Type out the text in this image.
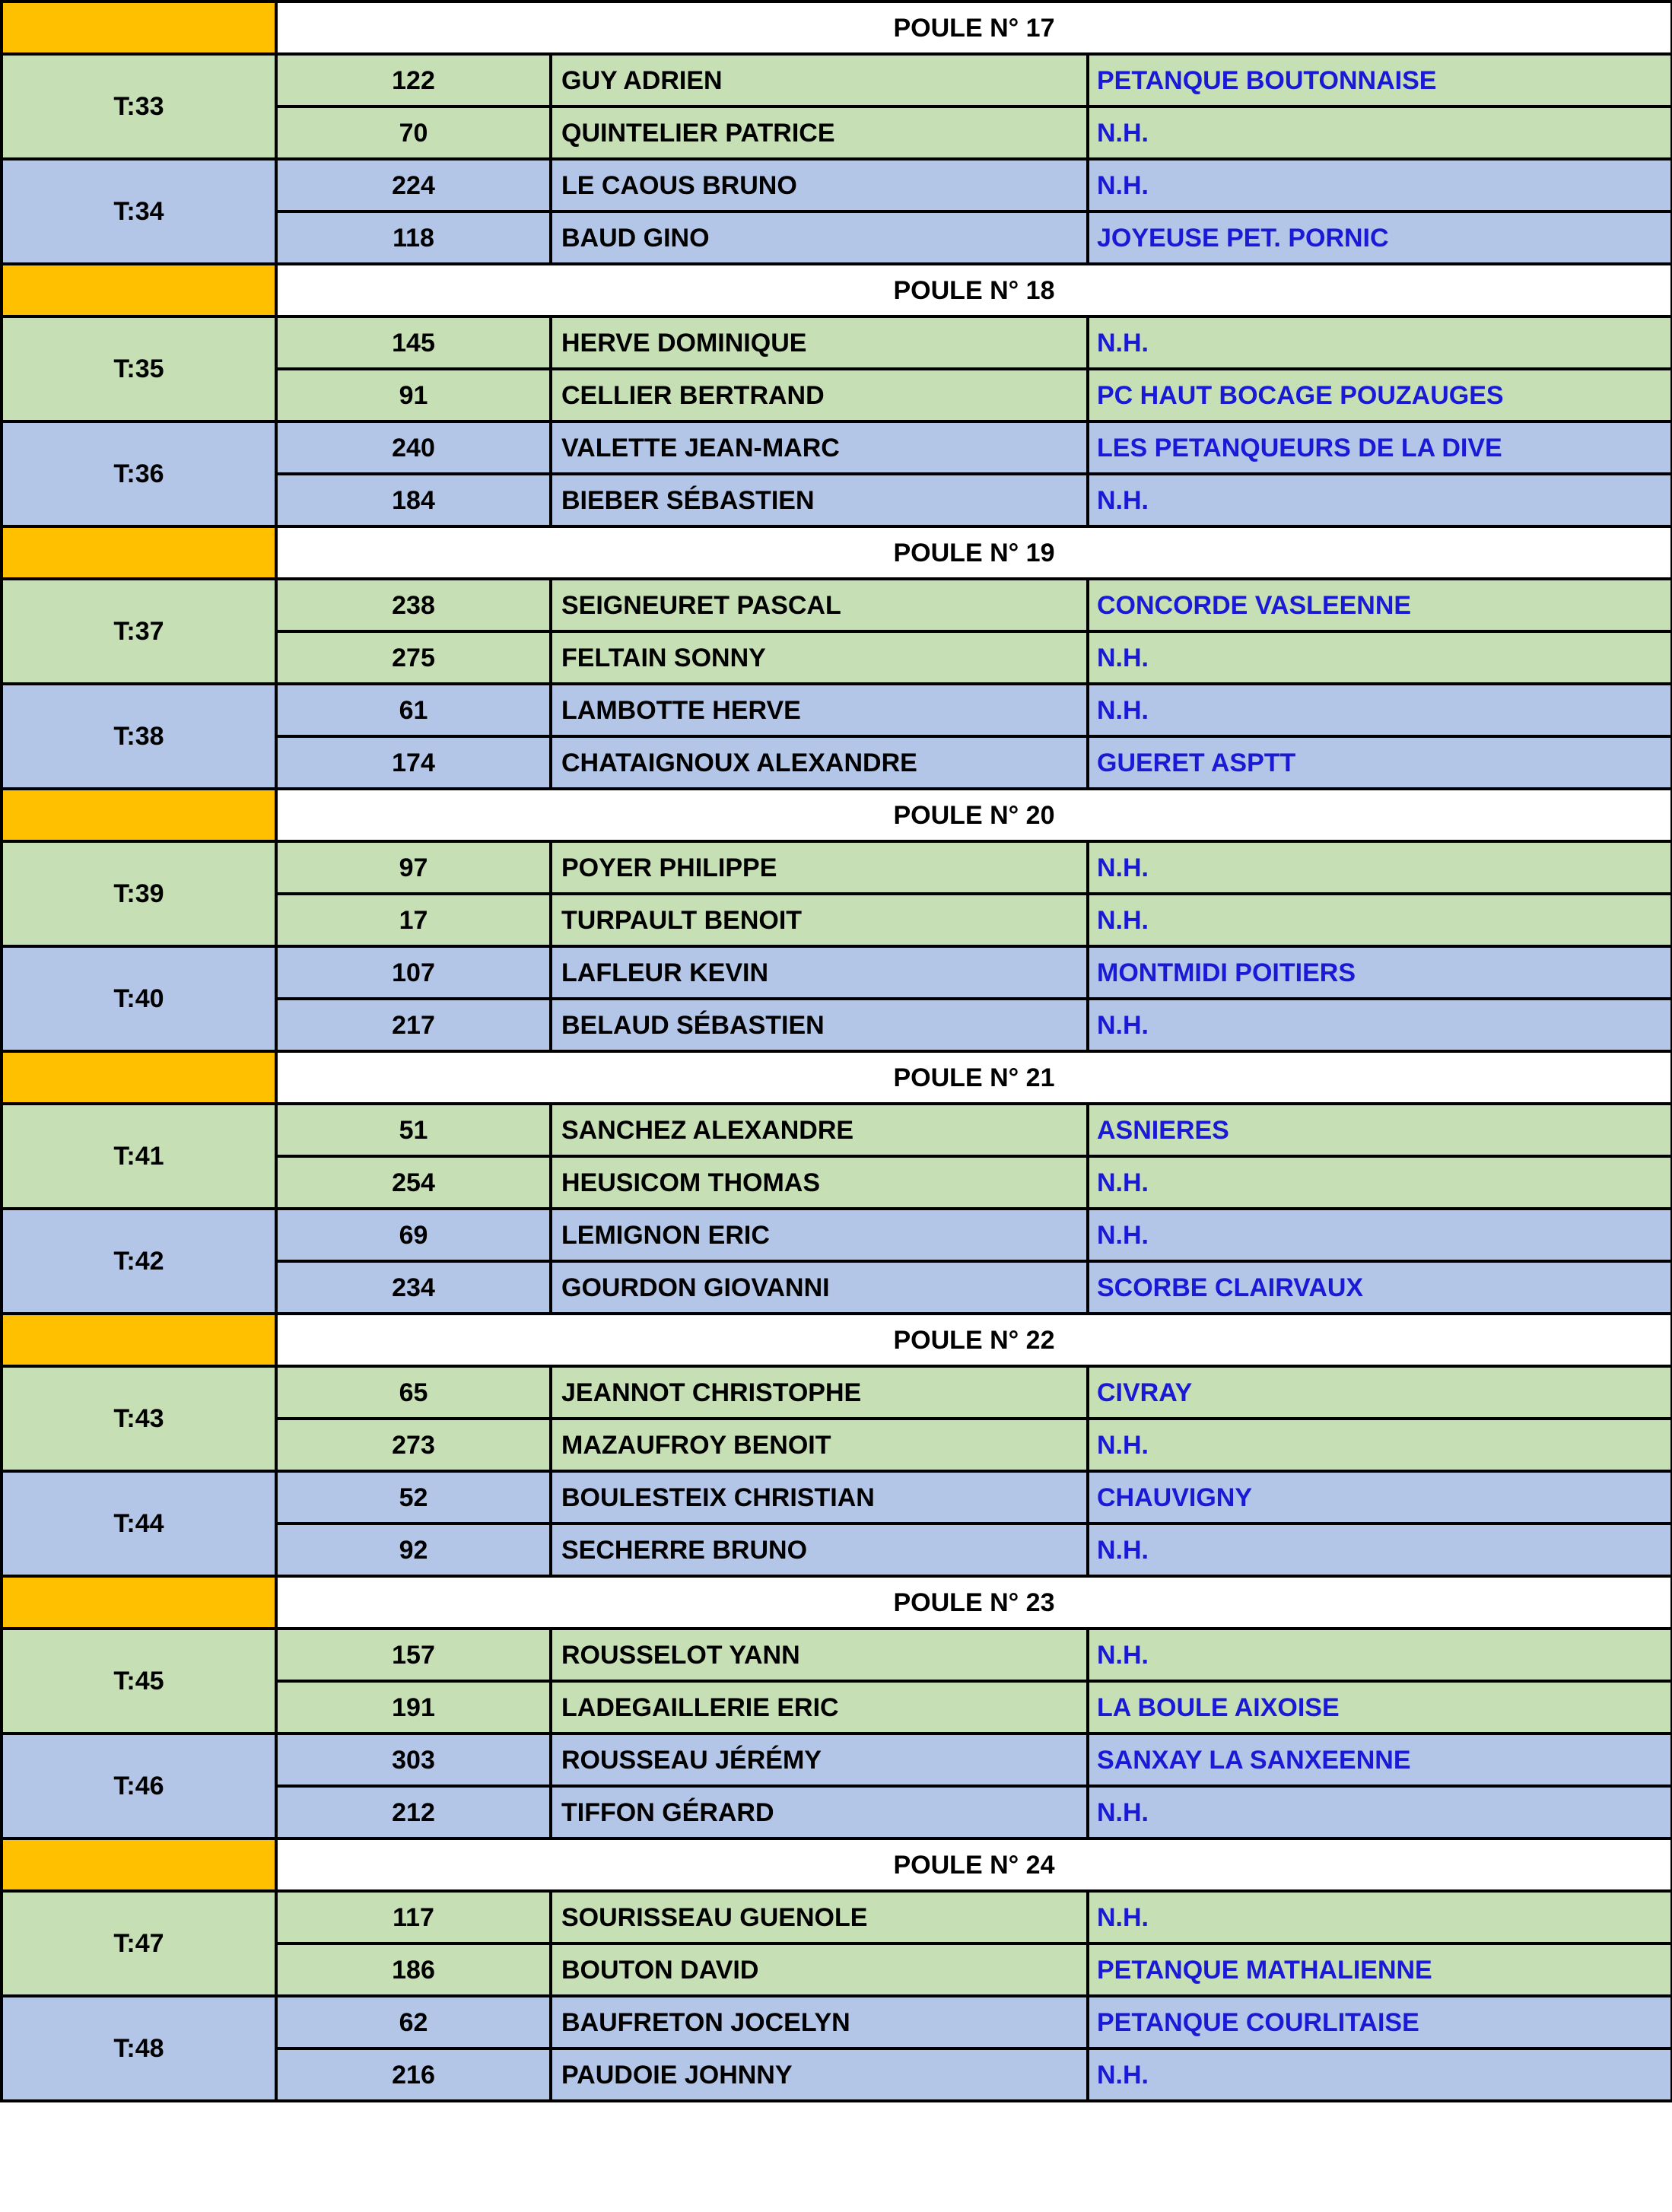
	POULE N° 17		
T:33	122	GUY ADRIEN	PETANQUE BOUTONNAISE
	70	QUINTELIER PATRICE	N.H.
T:34	224	LE CAOUS BRUNO	N.H.
	118	BAUD GINO	JOYEUSE PET. PORNIC
	POULE N° 18		
T:35	145	HERVE DOMINIQUE	N.H.
	91	CELLIER BERTRAND	PC HAUT BOCAGE POUZAUGES
T:36	240	VALETTE JEAN-MARC	LES PETANQUEURS DE LA DIVE
	184	BIEBER SÉBASTIEN	N.H.
	POULE N° 19		
T:37	238	SEIGNEURET PASCAL	CONCORDE VASLEENNE
	275	FELTAIN SONNY	N.H.
T:38	61	LAMBOTTE HERVE	N.H.
	174	CHATAIGNOUX ALEXANDRE	GUERET ASPTT
	POULE N° 20		
T:39	97	POYER PHILIPPE	N.H.
	17	TURPAULT BENOIT	N.H.
T:40	107	LAFLEUR KEVIN	MONTMIDI POITIERS
	217	BELAUD SÉBASTIEN	N.H.
	POULE N° 21		
T:41	51	SANCHEZ ALEXANDRE	ASNIERES
	254	HEUSICOM THOMAS	N.H.
T:42	69	LEMIGNON ERIC	N.H.
	234	GOURDON GIOVANNI	SCORBE CLAIRVAUX
	POULE N° 22		
T:43	65	JEANNOT CHRISTOPHE	CIVRAY
	273	MAZAUFROY BENOIT	N.H.
T:44	52	BOULESTEIX CHRISTIAN	CHAUVIGNY
	92	SECHERRE BRUNO	N.H.
	POULE N° 23		
T:45	157	ROUSSELOT YANN	N.H.
	191	LADEGAILLERIE ERIC	LA BOULE AIXOISE
T:46	303	ROUSSEAU JÉRÉMY	SANXAY LA SANXEENNE
	212	TIFFON GÉRARD	N.H.
	POULE N° 24		
T:47	117	SOURISSEAU GUENOLE	N.H.
	186	BOUTON DAVID	PETANQUE MATHALIENNE
T:48	62	BAUFRETON JOCELYN	PETANQUE COURLITAISE
	216	PAUDOIE JOHNNY	N.H.
